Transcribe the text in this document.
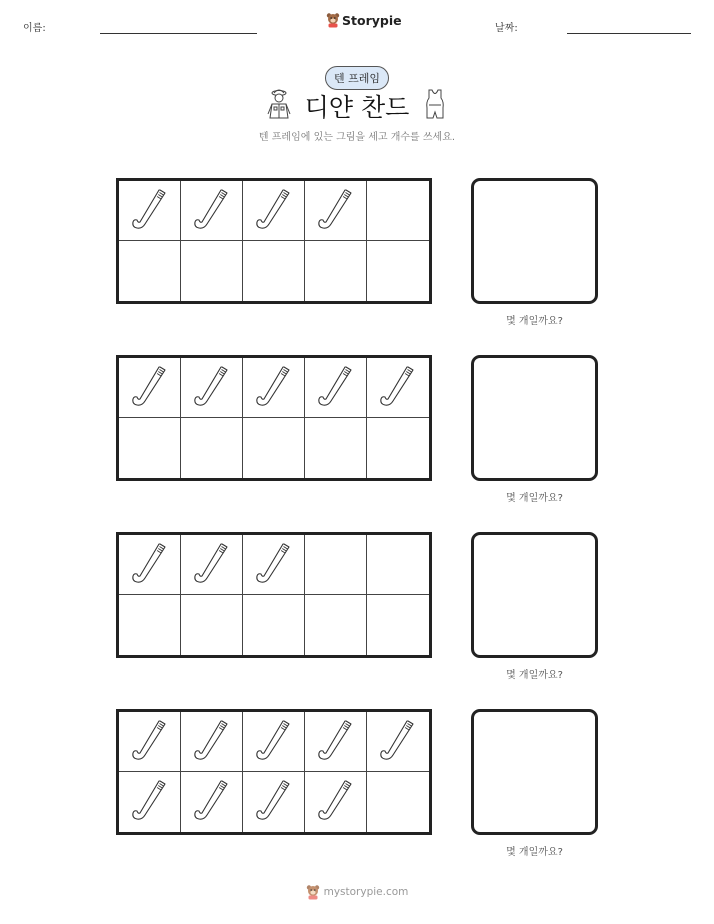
이름:
Storypie
날짜:
텐 프레임
디얀 찬드
텐 프레임에 있는 그림을 세고 개수를 쓰세요.
몇 개일까요?
몇 개일까요?
몇 개일까요?
몇 개일까요?
mystorypie.com
